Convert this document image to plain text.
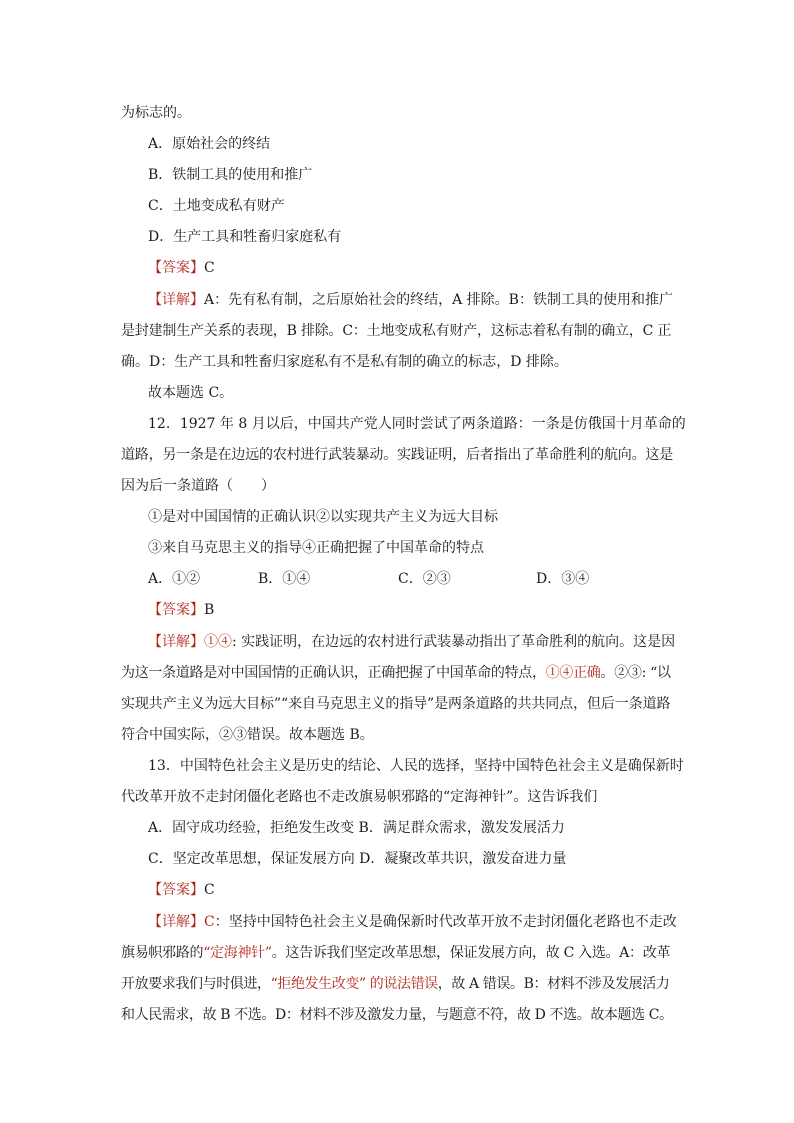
为标志的。
A．原始社会的终结
B．铁制工具的使用和推广
C．土地变成私有财产
D．生产工具和牲畜归家庭私有
【答案】C
【详解】A：先有私有制，之后原始社会的终结，A 排除。B：铁制工具的使用和推广
是封建制生产关系的表现，B 排除。C：土地变成私有财产，这标志着私有制的确立，C 正
确。D：生产工具和牲畜归家庭私有不是私有制的确立的标志，D 排除。
故本题选 C。
12．1927 年 8 月以后，中国共产党人同时尝试了两条道路：一条是仿俄国十月革命的
道路，另一条是在边远的农村进行武装暴动。实践证明，后者指出了革命胜利的航向。这是
因为后一条道路（　　）
①是对中国国情的正确认识②以实现共产主义为远大目标
③来自马克思主义的指导④正确把握了中国革命的特点
A．①②	B．①④	C．②③	D．③④
【答案】B
【详解】①④: 实践证明，在边远的农村进行武装暴动指出了革命胜利的航向。这是因
为这一条道路是对中国国情的正确认识，正确把握了中国革命的特点，①④正确。②③: “以
实现共产主义为远大目标”“来自马克思主义的指导”是两条道路的共共同点，但后一条道路
符合中国实际，②③错误。故本题选 B。
13．中国特色社会主义是历史的结论、人民的选择，坚持中国特色社会主义是确保新时
代改革开放不走封闭僵化老路也不走改旗易帜邪路的“定海神针”。这告诉我们
A．固守成功经验，拒绝发生改变 B．满足群众需求，激发发展活力
C．坚定改革思想，保证发展方向 D．凝聚改革共识，激发奋进力量
【答案】C
【详解】C：坚持中国特色社会主义是确保新时代改革开放不走封闭僵化老路也不走改
旗易帜邪路的“定海神针”。这告诉我们坚定改革思想，保证发展方向，故 C 入选。A：改革
开放要求我们与时俱进，“拒绝发生改变” 的说法错误，故 A 错误。B：材料不涉及发展活力
和人民需求，故 B 不选。D：材料不涉及激发力量，与题意不符，故 D 不选。故本题选 C。
